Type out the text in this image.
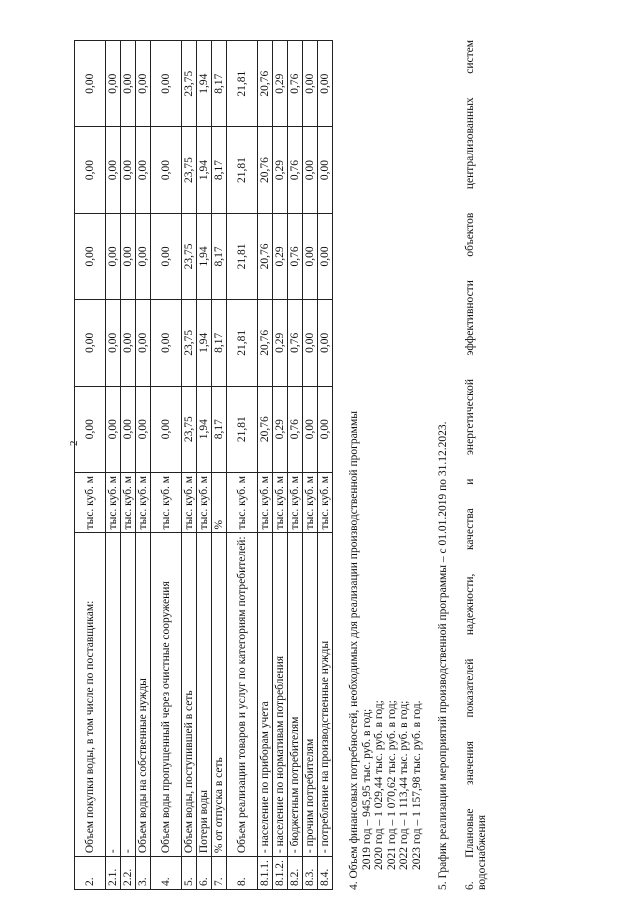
2
2.	Объем покупки воды, в том числе по поставщикам:	тыс. куб. м	0,00	0,00	0,00	0,00	0,00
2.1.	-	тыс. куб. м	0,00	0,00	0,00	0,00	0,00
2.2.	-	тыс. куб. м	0,00	0,00	0,00	0,00	0,00
3.	Объем воды на собственные нужды	тыс. куб. м	0,00	0,00	0,00	0,00	0,00
4.	Объем воды пропущенный через очистные сооружения	тыс. куб. м	0,00	0,00	0,00	0,00	0,00
5.	Объем воды, поступившей в сеть	тыс. куб. м	23,75	23,75	23,75	23,75	23,75
6.	Потери воды	тыс. куб. м	1,94	1,94	1,94	1,94	1,94
7.	% от отпуска в сеть	%	8,17	8,17	8,17	8,17	8,17
8.	Объем реализации товаров и услуг по категориям потребителей:	тыс. куб. м	21,81	21,81	21,81	21,81	21,81
8.1.1.	- население по приборам учета	тыс. куб. м	20,76	20,76	20,76	20,76	20,76
8.1.2.	- население по нормативам потребления	тыс. куб. м	0,29	0,29	0,29	0,29	0,29
8.2.	- бюджетным потребителям	тыс. куб. м	0,76	0,76	0,76	0,76	0,76
8.3.	- прочим потребителям	тыс. куб. м	0,00	0,00	0,00	0,00	0,00
8.4.	- потребление на производственные нужды	тыс. куб. м	0,00	0,00	0,00	0,00	0,00

4. Объем финансовых потребностей, необходимых для реализации производственной программы 2019 год – 945,95 тыс. руб. в год; 2020 год – 1 029,44 тыс. руб. в год; 2021 год – 1 070,62 тыс. руб. в год; 2022 год – 1 113,44 тыс. руб. в год; 2023 год – 1 157,98 тыс. руб. в год. 5. График реализации мероприятий производственной программы – с 01.01.2019 по 31.12.2023. 6. Плановые значения показателей надежности, качества и энергетической эффективности объектов централизованных систем водоснабжения
